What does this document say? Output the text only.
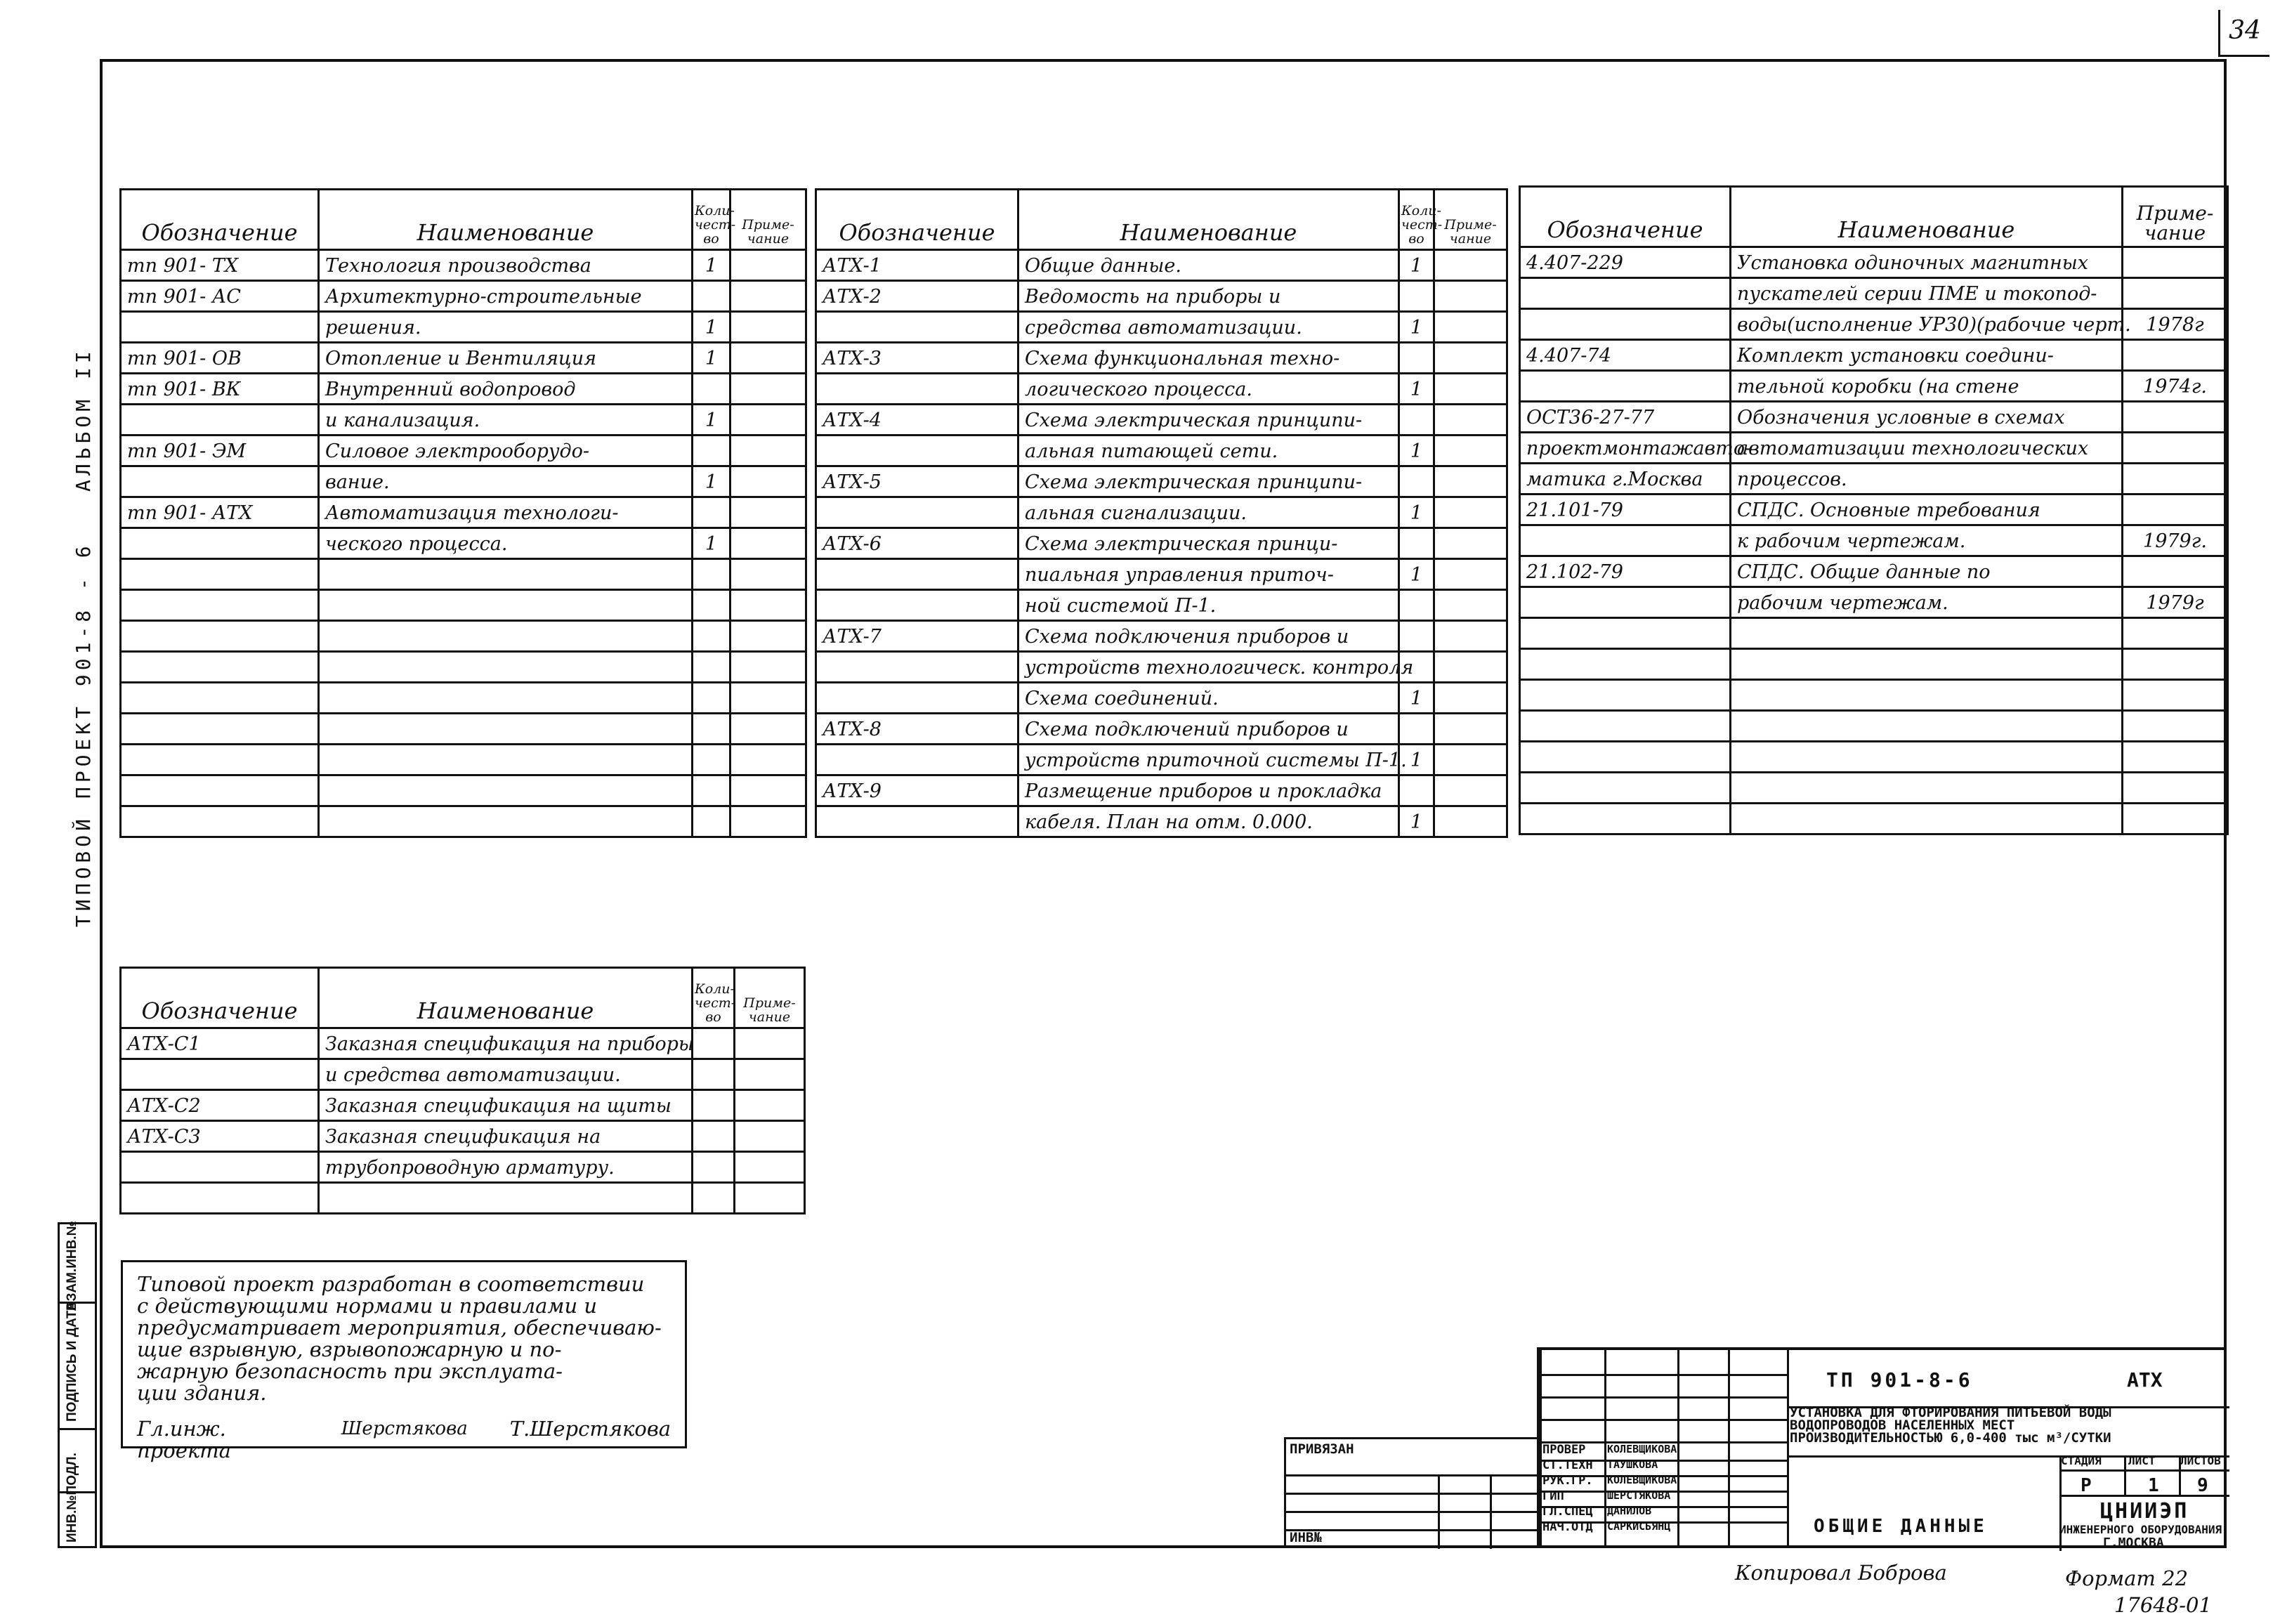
34
АЛЬБОМ II
ТИПОВОЙ ПРОЕКТ 901-8 - 6
ИНВ.№ПОДЛ.
ПОДПИСЬ И ДАТА
ВЗАМ.ИНВ.№
Обозначение	Наименование	Коли-чест-во	Приме-чание
тп 901- ТХ	Технология производства	1	
тп 901- АС	Архитектурно-строительные		
	решения.	1	
тп 901- ОВ	Отопление и Вентиляция	1	
тп 901- ВК	Внутренний водопровод		
	и канализация.	1	
тп 901- ЭМ	Силовое электрооборудо-		
	вание.	1	
тп 901- АТХ	Автоматизация технологи-		
	ческого процесса.	1	

Обозначение	Наименование	Коли-чест-во	Приме-чание
АТХ-1	Общие данные.	1	
АТХ-2	Ведомость на приборы и		
	средства автоматизации.	1	
АТХ-3	Схема функциональная техно-		
	логического процесса.	1	
АТХ-4	Схема электрическая принципи-		
	альная питающей сети.	1	
АТХ-5	Схема электрическая принципи-		
	альная сигнализации.	1	
АТХ-6	Схема электрическая принци-		
	пиальная управления приточ-	1	
	ной системой П-1.		
АТХ-7	Схема подключения приборов и		
	устройств технологическ. контроля		
	Схема соединений.	1	
АТХ-8	Схема подключений приборов и		
	устройств приточной системы П-1.	1	
АТХ-9	Размещение приборов и прокладка		
	кабеля. План на отм. 0.000.	1	
Обозначение	Наименование	Приме-чание
4.407-229	Установка одиночных магнитных	
	пускателей серии ПМЕ и токопод-	
	воды(исполнение УР30)(рабочие черт.	1978г
4.407-74	Комплект установки соедини-	
	тельной коробки (на стене	1974г.
ОСТ36-27-77	Обозначения условные в схемах	
проектмонтажавто-	автоматизации технологических	
матика г.Москва	процессов.	
21.101-79	СПДС. Основные требования	
	к рабочим чертежам.	1979г.
21.102-79	СПДС. Общие данные по	
	рабочим чертежам.	1979г

Обозначение	Наименование	Коли-чест-во	Приме-чание
АТХ-С1	Заказная спецификация на приборы		
	и средства автоматизации.		
АТХ-С2	Заказная спецификация на щиты		
АТХ-С3	Заказная спецификация на		
	трубопроводную арматуру.		

Типовой проект разработан в соответствии
с действующими нормами и правилами и
предусматривает мероприятия, обеспечиваю-
щие взрывную, взрывопожарную и по-
жарную безопасность при эксплуата-
ции здания.
Гл.инж. проекта
Шерстякова Т.Шерстякова
ПРИВЯЗАН
ИНВ№
ПРОВЕР КОЛЕВЩИКОВА
СТ.ТЕХН ТАУШКОВА
РУК.ГР. КОЛЕВЩИКОВА
ГИП	ШЕРСТЯКОВА
ГЛ.СПЕЦ ДАНИЛОВ
НАЧ.ОТД САРКИСЬЯНЦ
ТП 901-8-6	АТХ
УСТАНОВКА ДЛЯ ФТОРИРОВАНИЯ ПИТЬЕВОЙ ВОДЫ
ВОДОПРОВОДОВ НАСЕЛЕННЫХ МЕСТ
ПРОИЗВОДИТЕЛЬНОСТЬЮ 6,0-400 тыс м³/СУТКИ
СТАДИЯ ЛИСТ ЛИСТОВ
Р	1 9
ОБЩИЕ ДАННЫЕ
ЦНИИЭП
ИНЖЕНЕРНОГО ОБОРУДОВАНИЯ
Г.МОСКВА
Копировал Боброва	Формат 22
17648-01
